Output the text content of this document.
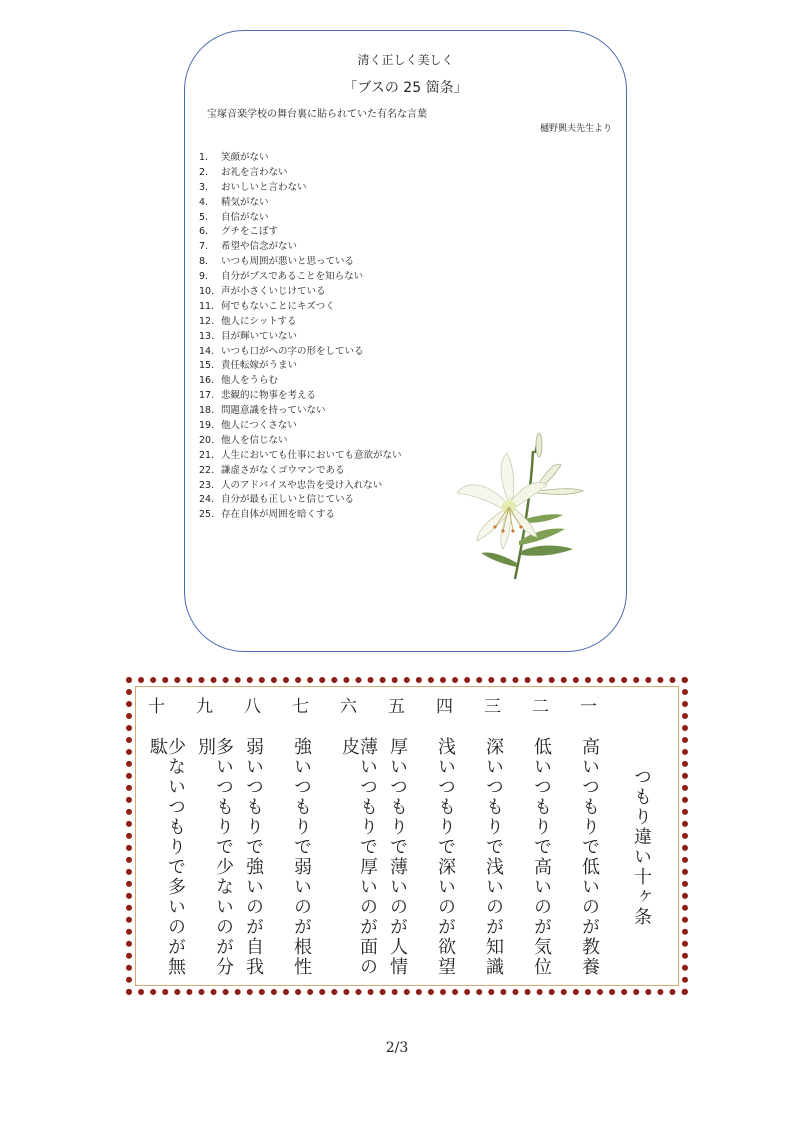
清く正しく美しく
「ブスの 25 箇条」
宝塚音楽学校の舞台裏に貼られていた有名な言葉
樋野興夫先生より
1. 笑顔がない
2. お礼を言わない
3. おいしいと言わない
4. 精気がない
5. 自信がない
6. グチをこぼす
7. 希望や信念がない
8. いつも周囲が悪いと思っている
9. 自分がブスであることを知らない
10. 声が小さくいじけている
11. 何でもないことにキズつく
12. 他人にシットする
13. 目が輝いていない
14. いつも口がへの字の形をしている
15. 責任転嫁がうまい
16. 他人をうらむ
17. 悲観的に物事を考える
18. 問題意識を持っていない
19. 他人につくさない
20. 他人を信じない
21. 人生においても仕事においても意欲がない
22. 謙虚さがなくゴウマンである
23. 人のアドバイスや忠告を受け入れない
24. 自分が最も正しいと信じている
25. 存在自体が周囲を暗くする
つもり違い十ヶ条
一
高いつもりで低いのが教養
二
低いつもりで高いのが気位
三
深いつもりで浅いのが知識
四
浅いつもりで深いのが欲望
五
厚いつもりで薄いのが人情
六
薄いつもりで厚いのが面の皮
七
強いつもりで弱いのが根性
八
弱いつもりで強いのが自我
九
多いつもりで少ないのが分別
十
少ないつもりで多いのが無駄
2/3
